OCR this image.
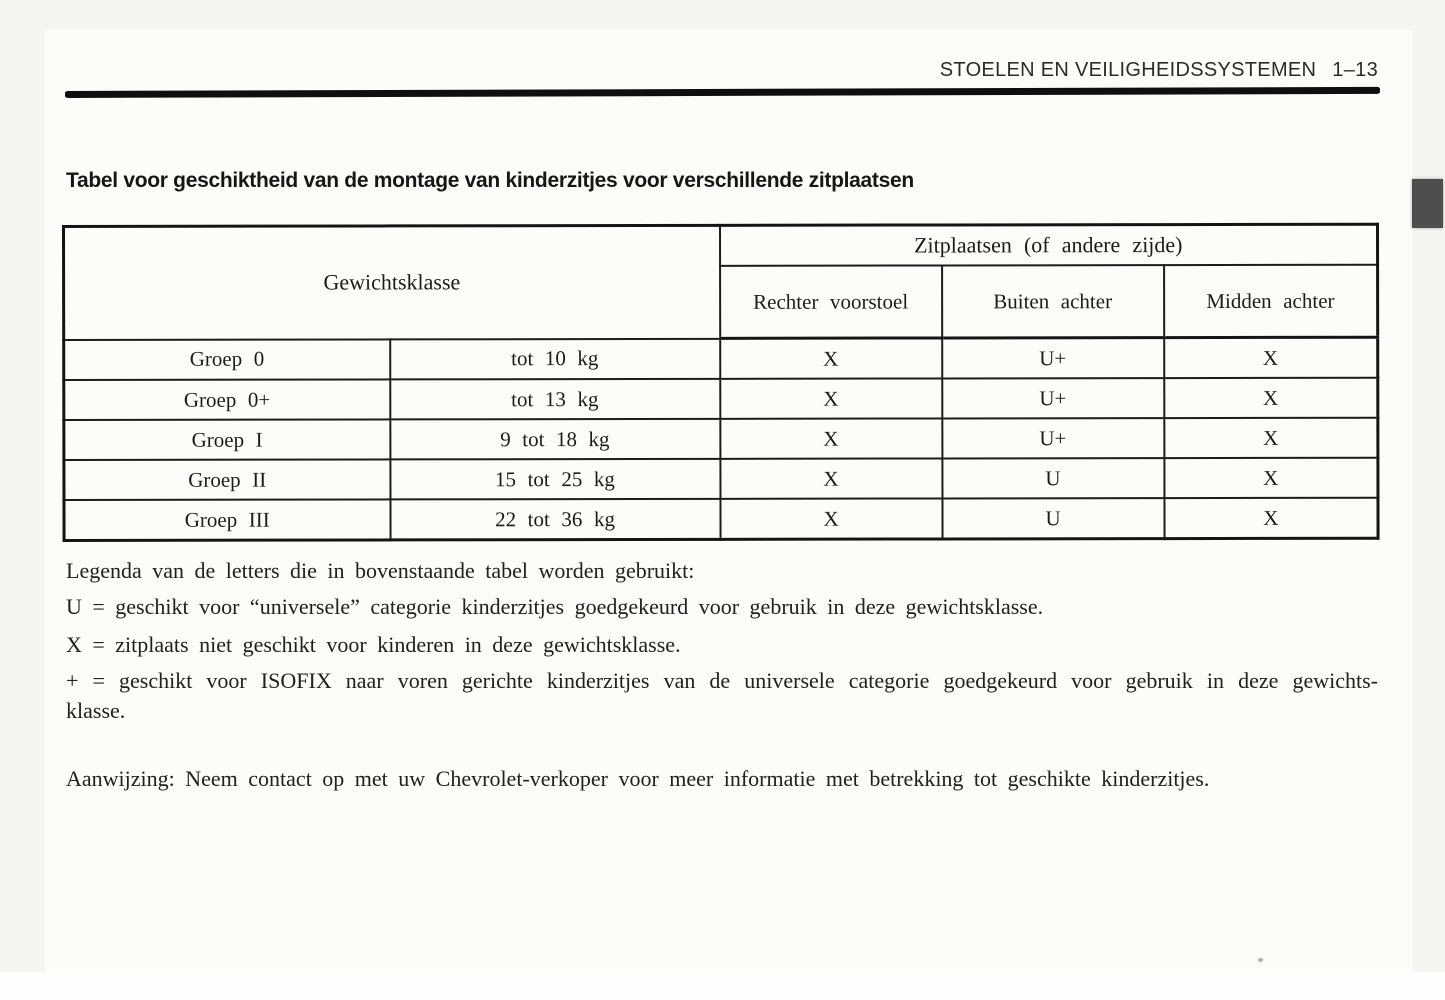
STOELEN EN VEILIGHEIDSSYSTEMEN 1–13
Tabel voor geschiktheid van de montage van kinderzitjes voor verschillende zitplaatsen
Gewichtsklasse		Zitplaatsen (of andere zijde)		
		Rechter voorstoel	Buiten achter	Midden achter
Groep 0	tot 10 kg	X	U+	X
Groep 0+	tot 13 kg	X	U+	X
Groep I	9 tot 18 kg	X	U+	X
Groep II	15 tot 25 kg	X	U	X
Groep III	22 tot 36 kg	X	U	X
Legenda van de letters die in bovenstaande tabel worden gebruikt:
U = geschikt voor “universele” categorie kinderzitjes goedgekeurd voor gebruik in deze gewichtsklasse.
X = zitplaats niet geschikt voor kinderen in deze gewichtsklasse.
+ = geschikt voor ISOFIX naar voren gerichte kinderzitjes van de universele categorie goedgekeurd voor gebruik in deze gewichts-
klasse.
Aanwijzing: Neem contact op met uw Chevrolet-verkoper voor meer informatie met betrekking tot geschikte kinderzitjes.
